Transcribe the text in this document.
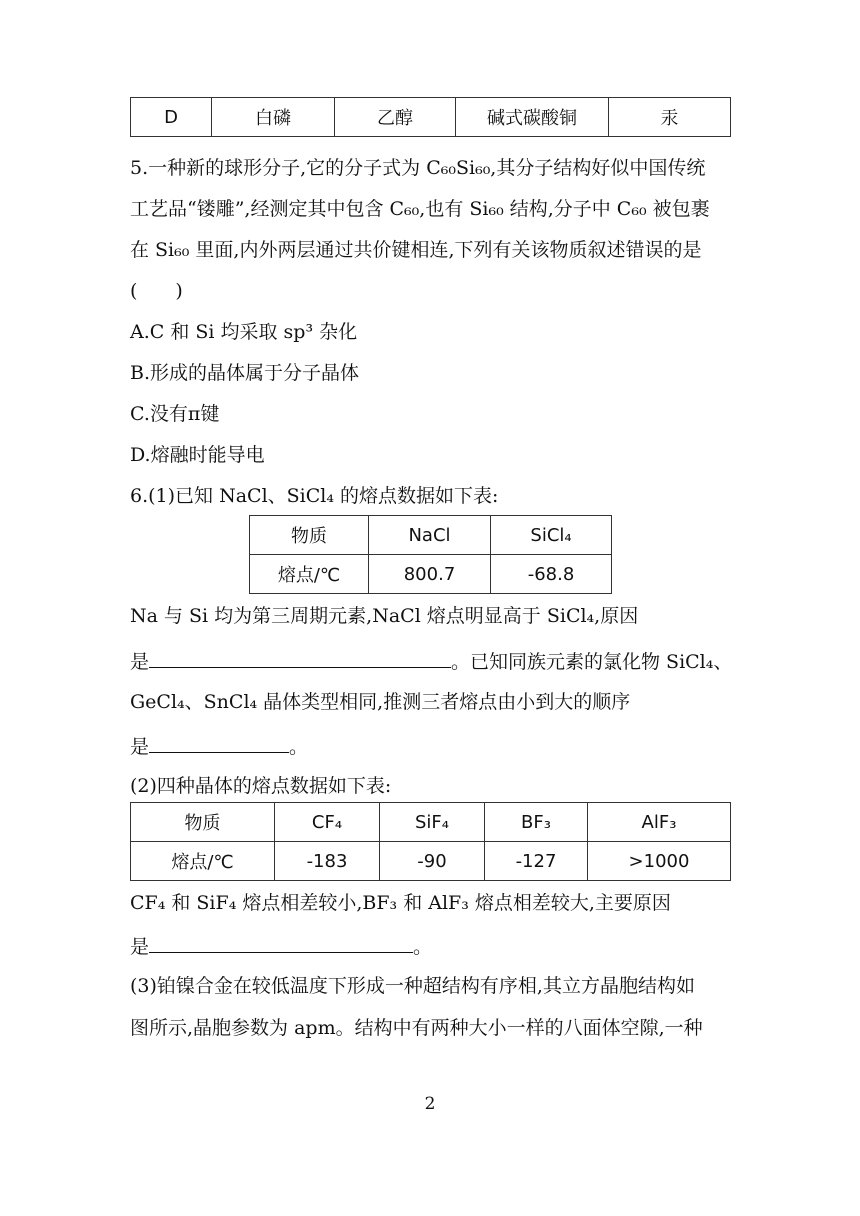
D	白磷	乙醇	碱式碳酸铜	汞
5.一种新的球形分子,它的分子式为 C₆₀Si₆₀,其分子结构好似中国传统
工艺品“镂雕”,经测定其中包含 C₆₀,也有 Si₆₀ 结构,分子中 C₆₀ 被包裹
在 Si₆₀ 里面,内外两层通过共价键相连,下列有关该物质叙述错误的是
(　　)
A.C 和 Si 均采取 sp³ 杂化
B.形成的晶体属于分子晶体
C.没有π键
D.熔融时能导电
6.(1)已知 NaCl、SiCl₄ 的熔点数据如下表:
物质	NaCl	SiCl₄
熔点/℃	800.7	-68.8
Na 与 Si 均为第三周期元素,NaCl 熔点明显高于 SiCl₄,原因
是	。已知同族元素的氯化物 SiCl₄、
GeCl₄、SnCl₄ 晶体类型相同,推测三者熔点由小到大的顺序
是	。
(2)四种晶体的熔点数据如下表:
物质	CF₄	SiF₄	BF₃	AlF₃
熔点/℃	-183	-90	-127	>1000
CF₄ 和 SiF₄ 熔点相差较小,BF₃ 和 AlF₃ 熔点相差较大,主要原因
是	。
(3)铂镍合金在较低温度下形成一种超结构有序相,其立方晶胞结构如
图所示,晶胞参数为 apm。结构中有两种大小一样的八面体空隙,一种
2
